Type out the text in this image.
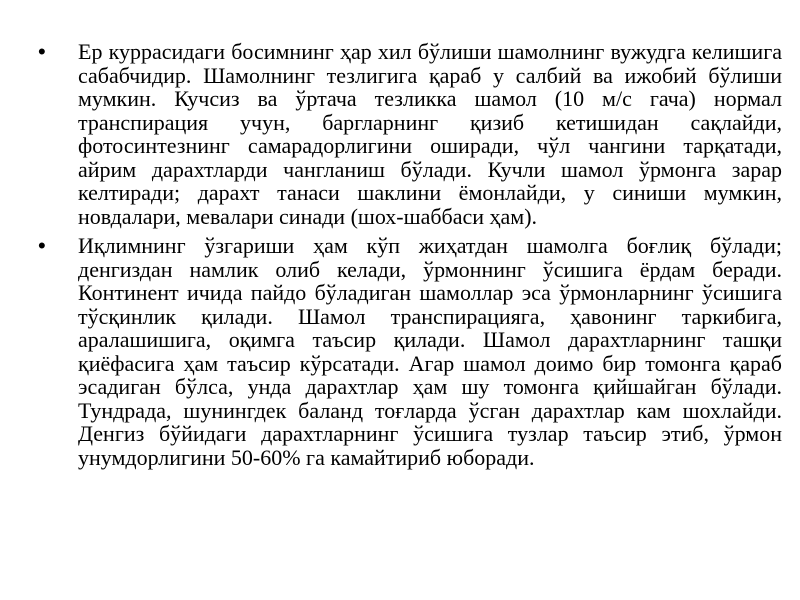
• Ер куррасидаги босимнинг ҳар хил бўлиши шамолнинг вужудга келишига сабабчидир. Шамолнинг тезлигига қараб у салбий ва ижобий бўлиши мумкин. Кучсиз ва ўртача тезликка шамол (10 м/с гача) нормал транспирация учун, баргларнинг қизиб кетишидан сақлайди, фотосинтезнинг самарадорлигини оширади, чўл чангини тарқатади, айрим дарахтларди чангланиш бўлади. Кучли шамол ўрмонга зарар келтиради; дарахт танаси шаклини ёмонлайди, у синиши мумкин, новдалари, мевалари синади (шох-шаббаси ҳам).
• Иқлимнинг ўзгариши ҳам кўп жиҳатдан шамолга боғлиқ бўлади; денгиздан намлик олиб келади, ўрмоннинг ўсишига ёрдам беради. Континент ичида пайдо бўладиган шамоллар эса ўрмонларнинг ўсишига тўсқинлик қилади. Шамол транспирацияга, ҳавонинг таркибига, аралашишига, оқимга таъсир қилади. Шамол дарахтларнинг ташқи қиёфасига ҳам таъсир кўрсатади. Агар шамол доимо бир томонга қараб эсадиган бўлса, унда дарахтлар ҳам шу томонга қийшайган бўлади. Тундрада, шунингдек баланд тоғларда ўсган дарахтлар кам шохлайди. Денгиз бўйидаги дарахтларнинг ўсишига тузлар таъсир этиб, ўрмон унумдорлигини 50-60% га камайтириб юборади.
